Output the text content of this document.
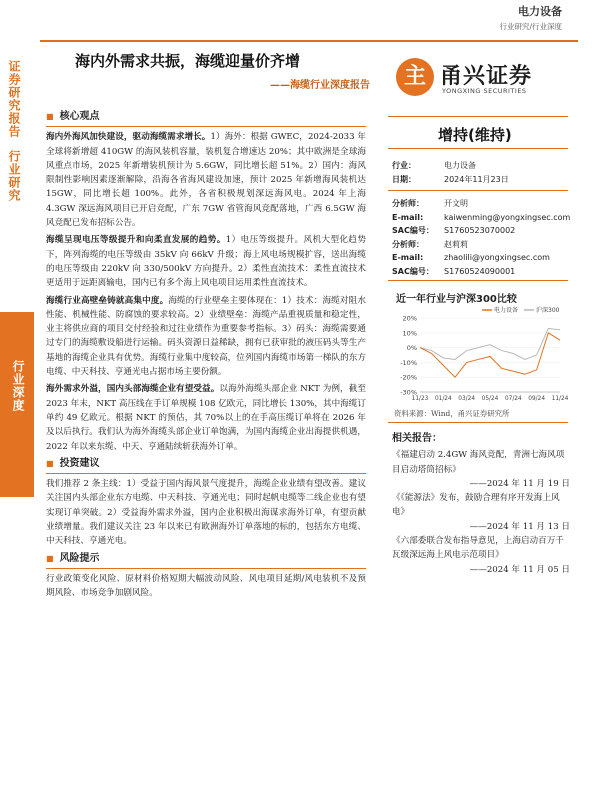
电力设备
行业研究/行业深度
证券研究报告
行业研究
行业深度
海内外需求共振，海缆迎量价齐增
——海缆行业深度报告	主 甬兴证券
YONGXING SECURITIES
■ 核心观点
海内外海风加快建设，驱动海缆需求增长。1）海外：根据 GWEC，2024-2033 年全球将新增超 410GW 的海风装机容量，装机复合增速达 20%；其中欧洲是全球海风重点市场，2025 年新增装机预计为 5.6GW，同比增长超 51%。2）国内：海风限制性影响因素逐渐解除，沿海各省海风建设加速，预计 2025 年新增海风装机达 15GW，同比增长超 100%。此外，各省积极规划深远海风电。2024 年上海 4.3GW 深远海风项目已开启竞配，广东 7GW 省管海风竞配落地，广西 6.5GW 海风竞配已发布招标公告。
海缆呈现电压等级提升和向柔直发展的趋势。1）电压等级提升。风机大型化趋势下，阵列海缆的电压等级由 35kV 向 66kV 升级；海上风电场规模扩容，送出海缆的电压等级由 220kV 向 330/500kV 方向提升。2）柔性直流技术：柔性直流技术更适用于远距离输电，国内已有多个海上风电项目运用柔性直流技术。
海缆行业高壁垒铸就高集中度。海缆的行业壁垒主要体现在：1）技术：海缆对阻水性能、机械性能、防腐蚀的要求较高。2）业绩壁垒：海缆产品重视质量和稳定性，业主将供应商的项目交付经验和过往业绩作为重要参考指标。3）码头：海缆需要通过专门的海缆敷设船进行运输。码头资源日益稀缺，拥有已获审批的液压码头等生产基地的海缆企业具有优势。海缆行业集中度较高，位列国内海缆市场第一梯队的东方电缆、中天科技、亨通光电占据市场主要份额。
海外需求外溢，国内头部海缆企业有望受益。以海外海缆头部企业 NKT 为例，截至 2023 年末，NKT 高压线在手订单规模 108 亿欧元，同比增长 130%，其中海缆订单约 49 亿欧元。根据 NKT 的预估，其 70%以上的在手高压缆订单将在 2026 年及以后执行。我们认为海外海缆头部企业订单饱满，为国内海缆企业出海提供机遇，2022 年以来东缆、中天、亨通陆续斩获海外订单。
■ 投资建议
我们推荐 2 条主线：1）受益于国内海风景气度提升，海缆企业业绩有望改善。建议关注国内头部企业东方电缆、中天科技、亨通光电；同时起帆电缆等二线企业也有望实现订单突破。2）受益海外需求外溢，国内企业积极出海谋求海外订单，有望贡献业绩增量。我们建议关注 23 年以来已有欧洲海外订单落地的标的，包括东方电缆、中天科技、亨通光电。
■ 风险提示
行业政策变化风险、原材料价格短期大幅波动风险、风电项目延期/风电装机不及预期风险、市场竞争加剧风险。
增持(维持)
行业：	电力设备
日期：	2024年11月23日
分析师：	开文明
E-mail:	kaiwenming@yongxingsec.com
SAC编号：	S1760523070002
分析师：	赵莉莉
E-mail:	zhaolili@yongxingsec.com
SAC编号：	S1760524090001
近一年行业与沪深300比较
20%
10%
0%
-10%
-20%
-30%
11/23 01/24 03/24 05/24 07/24 09/24 11/24
电力设备	沪深300
资料来源：Wind，甬兴证券研究所
相关报告：
《福建启动 2.4GW 海风竞配，青洲七海风项目启动塔筒招标》
——2024 年 11 月 19 日
《《能源法》发布，鼓励合理有序开发海上风电》
——2024 年 11 月 13 日
《六部委联合发布指导意见，上海启动百万千瓦级深远海上风电示范项目》
——2024 年 11 月 05 日
